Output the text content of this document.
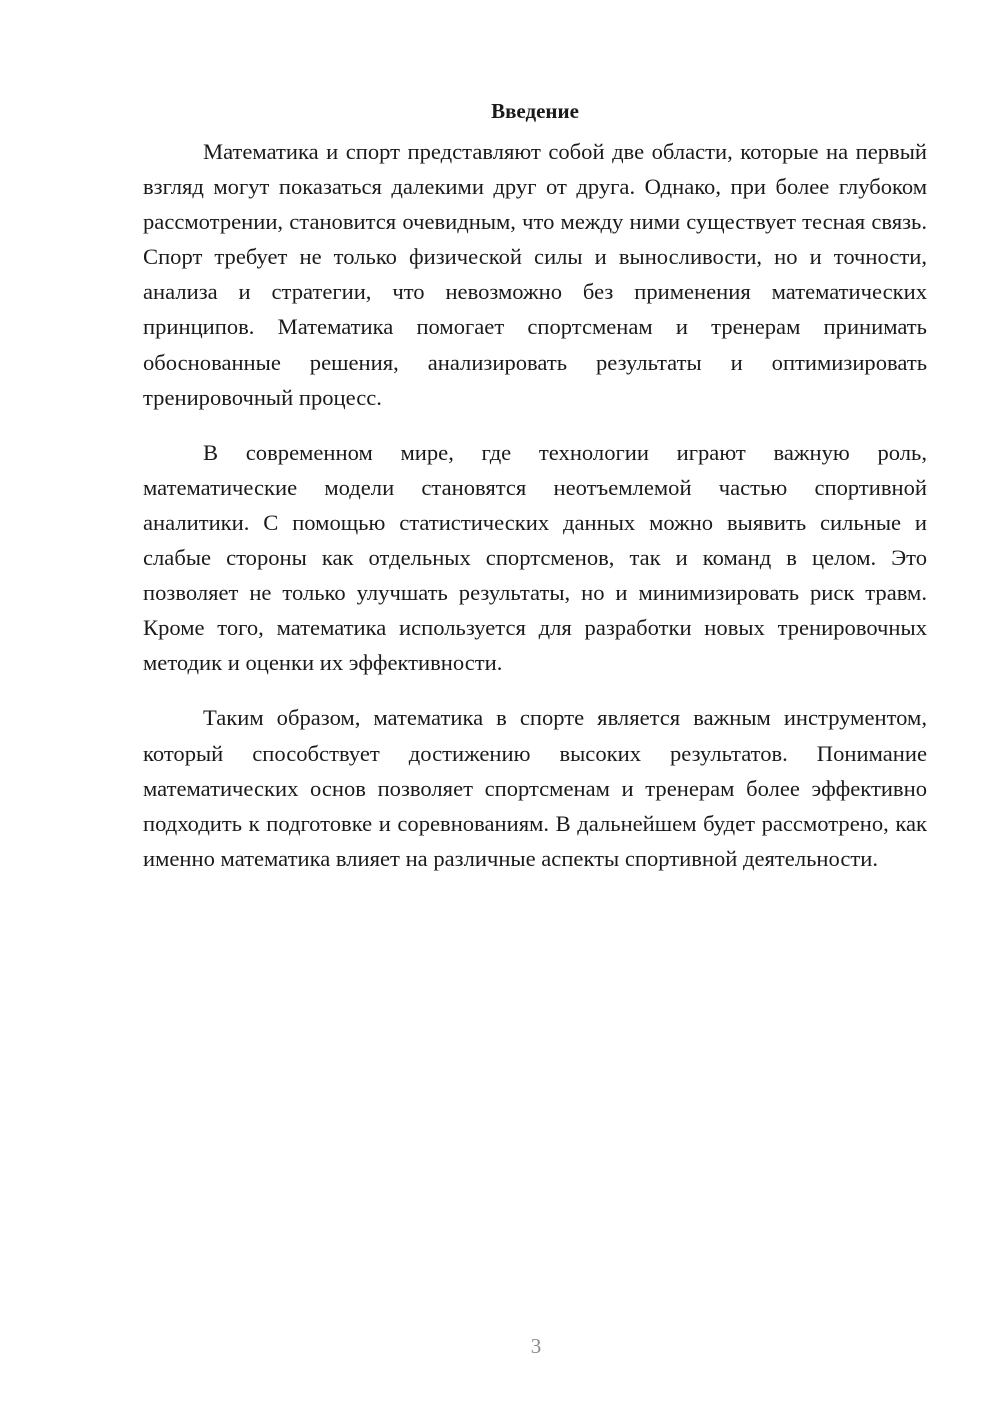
Введение

Математика и спорт представляют собой две области, которые на первый взгляд могут показаться далекими друг от друга. Однако, при более глубоком рассмотрении, становится очевидным, что между ними существует тесная связь. Спорт требует не только физической силы и выносливости, но и точности, анализа и стратегии, что невозможно без применения математических принципов. Математика помогает спортсменам и тренерам принимать обоснованные решения, анализировать результаты и оптимизировать тренировочный процесс.

В современном мире, где технологии играют важную роль, математические модели становятся неотъемлемой частью спортивной аналитики. С помощью статистических данных можно выявить сильные и слабые стороны как отдельных спортсменов, так и команд в целом. Это позволяет не только улучшать результаты, но и минимизировать риск травм. Кроме того, математика используется для разработки новых тренировочных методик и оценки их эффективности.

Таким образом, математика в спорте является важным инструментом, который способствует достижению высоких результатов. Понимание математических основ позволяет спортсменам и тренерам более эффективно подходить к подготовке и соревнованиям. В дальнейшем будет рассмотрено, как именно математика влияет на различные аспекты спортивной деятельности.

3
